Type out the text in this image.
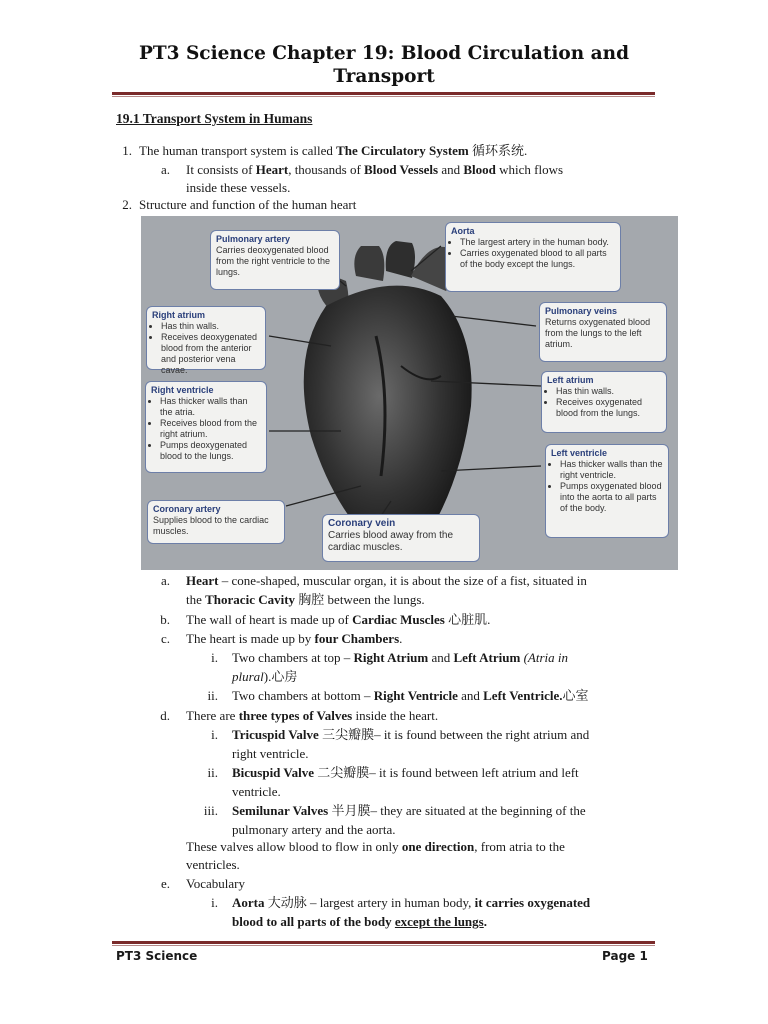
PT3 Science Chapter 19: Blood Circulation and
Transport
19.1 Transport System in Humans
1. The human transport system is called The Circulatory System 循环系统.
a. It consists of Heart, thousands of Blood Vessels and Blood which flows
inside these vessels.
2. Structure and function of the human heart
Pulmonary artery
Carries deoxygenated blood from the right ventricle to the lungs.
Aorta
• The largest artery in the human body.
• Carries oxygenated blood to all parts of the body except the lungs.
Right atrium
• Has thin walls.
• Receives deoxygenated blood from the anterior and posterior vena cavae.
Pulmonary veins
Returns oxygenated blood from the lungs to the left atrium.
Left atrium
• Has thin walls.
• Receives oxygenated blood from the lungs.
Right ventricle
• Has thicker walls than the atria.
• Receives blood from the right atrium.
• Pumps deoxygenated blood to the lungs.	Left ventricle
• Has thicker walls than the right ventricle.
• Pumps oxygenated blood into the aorta to all parts of the body.
Coronary artery
Supplies blood to the cardiac muscles.
Coronary vein
Carries blood away from the cardiac muscles.
a. Heart – cone-shaped, muscular organ, it is about the size of a fist, situated in
the Thoracic Cavity 胸腔 between the lungs.
b. The wall of heart is made up of Cardiac Muscles 心脏肌.
c. The heart is made up by four Chambers.
i. Two chambers at top – Right Atrium and Left Atrium (Atria in
plural).心房
ii. Two chambers at bottom – Right Ventricle and Left Ventricle.心室
d. There are three types of Valves inside the heart.
i. Tricuspid Valve 三尖瓣膜– it is found between the right atrium and
right ventricle.
ii. Bicuspid Valve 二尖瓣膜– it is found between left atrium and left
ventricle.
iii. Semilunar Valves 半月膜– they are situated at the beginning of the
pulmonary artery and the aorta.
These valves allow blood to flow in only one direction, from atria to the
ventricles.
e. Vocabulary
i. Aorta 大动脉 – largest artery in human body, it carries oxygenated
blood to all parts of the body except the lungs.
PT3 Science	Page 1
